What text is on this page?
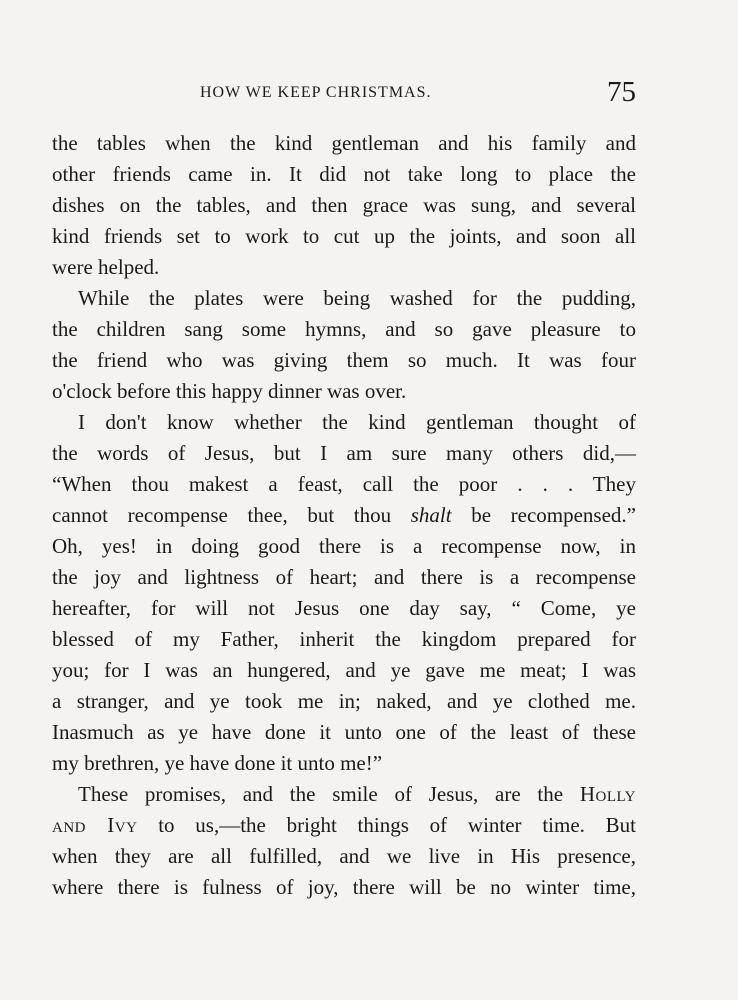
HOW WE KEEP CHRISTMAS.	75
the tables when the kind gentleman and his family and
other friends came in. It did not take long to place the
dishes on the tables, and then grace was sung, and several
kind friends set to work to cut up the joints, and soon all
were helped.
While the plates were being washed for the pudding,
the children sang some hymns, and so gave pleasure to
the friend who was giving them so much. It was four
o'clock before this happy dinner was over.
I don't know whether the kind gentleman thought of
the words of Jesus, but I am sure many others did,—
“When thou makest a feast, call the poor . . . They
cannot recompense thee, but thou shalt be recompensed.”
Oh, yes! in doing good there is a recompense now, in
the joy and lightness of heart; and there is a recompense
hereafter, for will not Jesus one day say, “ Come, ye
blessed of my Father, inherit the kingdom prepared for
you; for I was an hungered, and ye gave me meat; I was
a stranger, and ye took me in; naked, and ye clothed me.
Inasmuch as ye have done it unto one of the least of these
my brethren, ye have done it unto me!”
These promises, and the smile of Jesus, are the Holly
and Ivy to us,—the bright things of winter time. But
when they are all fulfilled, and we live in His presence,
where there is fulness of joy, there will be no winter time,
